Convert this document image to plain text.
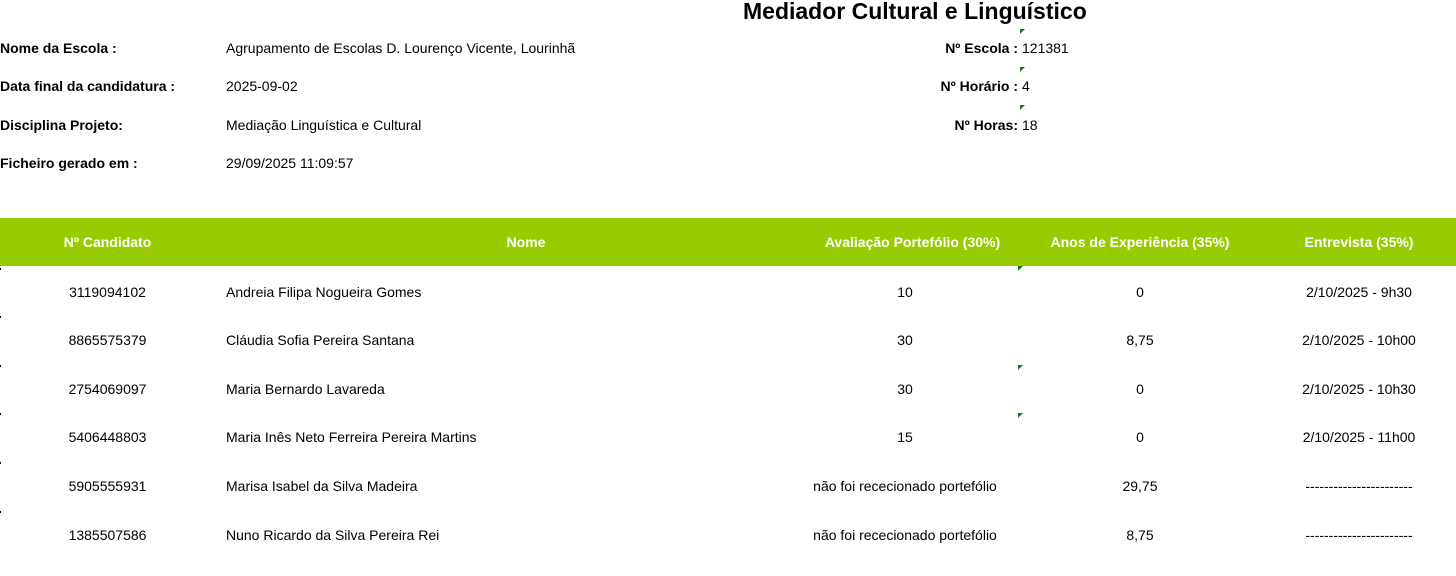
Mediador Cultural e Linguístico
Nome da Escola :	Agrupamento de Escolas D. Lourenço Vicente, Lourinhã
Data final da candidatura :	2025-09-02
Disciplina Projeto:	Mediação Linguística e Cultural
Ficheiro gerado em :	29/09/2025 11:09:57
Nº Escola : 121381
Nº Horário : 4
Nº Horas: 18
Nº Candidato	Nome	Avaliação Portefólio (30%)	Anos de Experiência (35%)	Entrevista (35%)
3119094102	Andreia Filipa Nogueira Gomes	10	0	2/10/2025 - 9h30
8865575379	Cláudia Sofia Pereira Santana	30	8,75	2/10/2025 - 10h00
2754069097	Maria Bernardo Lavareda	30	0	2/10/2025 - 10h30
5406448803	Maria Inês Neto Ferreira Pereira Martins	15	0	2/10/2025 - 11h00
5905555931	Marisa Isabel da Silva Madeira	não foi rececionado portefólio	29,75	-----------------------
1385507586	Nuno Ricardo da Silva Pereira Rei	não foi rececionado portefólio	8,75	-----------------------
